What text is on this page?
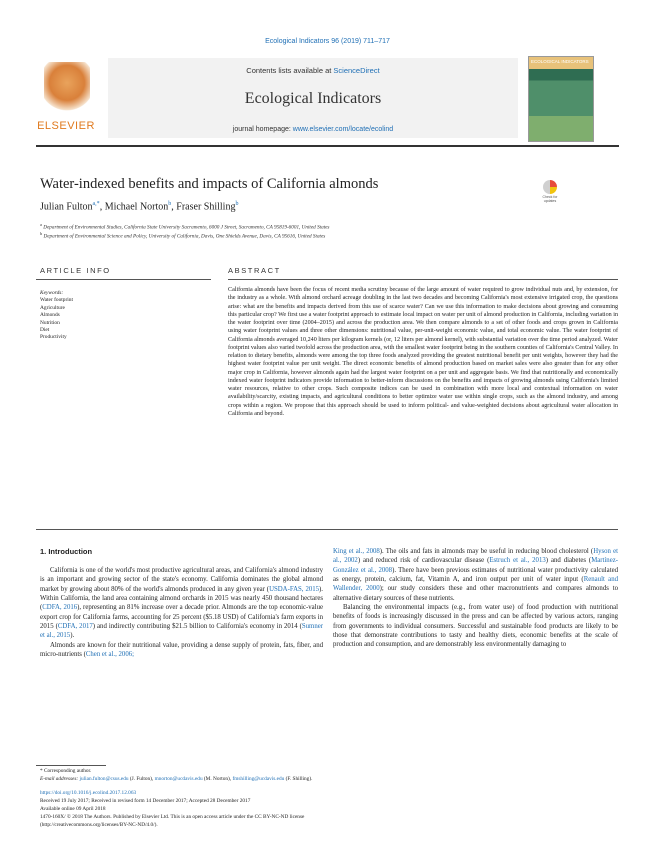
Ecological Indicators 96 (2019) 711–717
ELSEVIER
Contents lists available at ScienceDirect
Ecological Indicators
journal homepage: www.elsevier.com/locate/ecolind
ECOLOGICAL INDICATORS
Water-indexed benefits and impacts of California almonds
Check for updates
Julian Fulton$^{a,*}$, Michael Norton$^b$, Fraser Shilling$^b$
$^a$ Department of Environmental Studies, California State University Sacramento, 6000 J Street, Sacramento, CA 95819-6001, United States
$^b$ Department of Environmental Science and Policy, University of California, Davis, One Shields Avenue, Davis, CA 95616, United States
ARTICLE INFO	ABSTRACT
Keywords:
Water footprint
Agriculture
Almonds
Nutrition
Diet
Productivity
California almonds have been the focus of recent media scrutiny because of the large amount of water required to grow individual nuts and, by extension, for the industry as a whole. With almond orchard acreage doubling in the last two decades and becoming California's most extensive irrigated crop, the questions arise: what are the benefits and impacts derived from this use of scarce water? Can we use this information to make decisions about growing and consuming this particular crop? We first use a water footprint approach to estimate local impact on water per unit of almond production in California, including variation in the water footprint over time (2004–2015) and across the production area. We then compare almonds to a set of other foods and crops grown in California using water footprint values and three other dimensions: nutritional value, per-unit-weight economic value, and total economic value. The water footprint of California almonds averaged 10,240 liters per kilogram kernels (or, 12 liters per almond kernel), with substantial variation over the time period analyzed. Water footprint values also varied twofold across the production area, with the smallest water footprint being in the southern counties of California's Central Valley. In relation to dietary benefits, almonds were among the top three foods analyzed providing the greatest nutritional benefit per unit weights, however they had the highest water footprint value per unit weight. The direct economic benefits of almond production based on market sales were also greater than for any other major crop in California, however almonds again had the largest water footprint on a per unit and aggregate basis. We find that nutritionally and economically indexed water footprint indicators provide information to better-inform discussions on the benefits and impacts of growing almonds using California's limited water resources, relative to other crops. Such composite indices can be used in combination with more local and contextual information on water availability/scarcity, existing impacts, and agricultural conditions to better optimize water use within single crops, such as the almond industry, and among crops within a region. We propose that this approach should be used to inform political- and value-weighted decisions about agricultural water allocation in California and beyond.
1. Introduction
California is one of the world's most productive agricultural areas, and California's almond industry is an important and growing sector of the state's economy. California dominates the global almond market by growing about 80% of the world's almonds produced in any given year (USDA-FAS, 2015). Within California, the land area containing almond orchards in 2015 was nearly 450 thousand hectares (CDFA, 2016), representing an 81% increase over a decade prior. Almonds are the top economic-value export crop for California farms, accounting for 25 percent ($5.18 USD) of California's farm exports in 2015 (CDFA, 2017) and indirectly contributing $21.5 billion to California's economy in 2014 (Sumner et al., 2015).
Almonds are known for their nutritional value, providing a dense supply of protein, fats, fiber, and micro-nutrients (Chen et al., 2006;
King et al., 2008). The oils and fats in almonds may be useful in reducing blood cholesterol (Hyson et al., 2002) and reduced risk of cardiovascular disease (Estruch et al., 2013) and diabetes (Martínez-González et al., 2008). There have been previous estimates of nutritional water productivity calculated as energy, protein, calcium, fat, Vitamin A, and iron output per unit of water input (Renault and Wallender, 2000); our study considers these and other macronutrients and compares almonds to alternative dietary sources of these nutrients.
Balancing the environmental impacts (e.g., from water use) of food production with nutritional benefits of foods is increasingly discussed in the press and can be affected by various actors, ranging from governments to individual consumers. Successful and sustainable food products are likely to be those that demonstrate contributions to tasty and healthy diets, economic benefits at the scale of production and consumption, and are demonstrably less environmentally damaging to
* Corresponding author.
E-mail addresses: julian.fulton@csus.edu (J. Fulton), mnorton@ucdavis.edu (M. Norton), fmshilling@ucdavis.edu (F. Shilling).
https://doi.org/10.1016/j.ecolind.2017.12.063
Received 19 July 2017; Received in revised form 14 December 2017; Accepted 28 December 2017
Available online 09 April 2018
1470-160X/ © 2018 The Authors. Published by Elsevier Ltd. This is an open access article under the CC BY-NC-ND license
(http://creativecommons.org/licenses/BY-NC-ND/4.0/).
